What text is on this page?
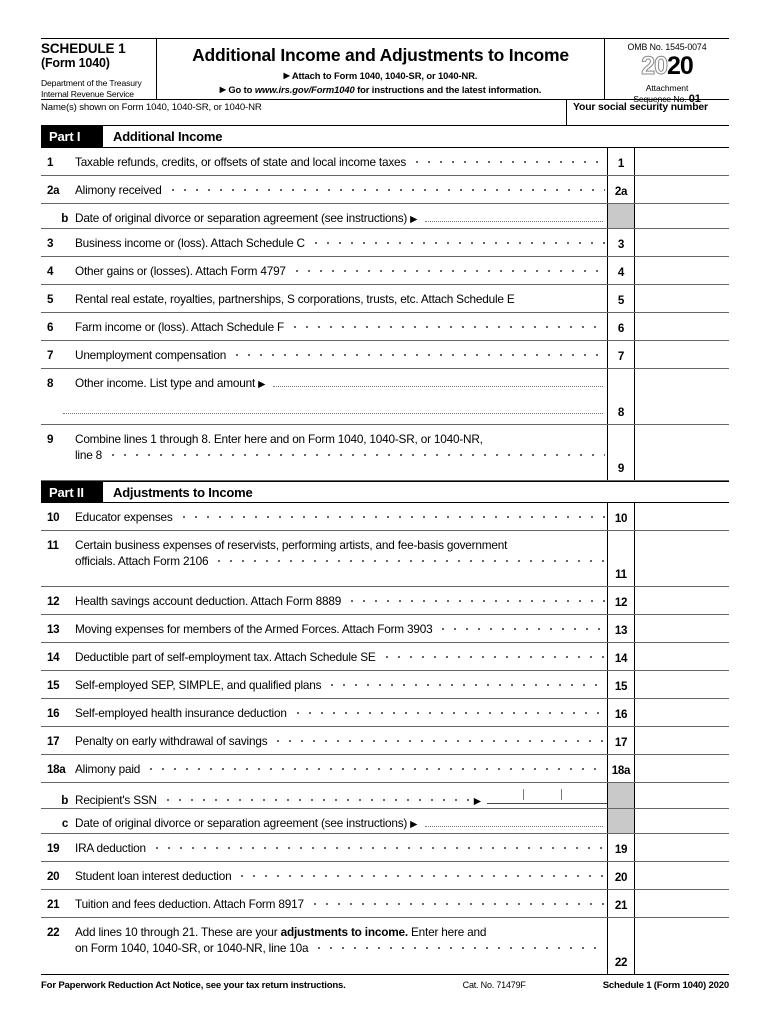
SCHEDULE 1
(Form 1040)
Department of the Treasury
Internal Revenue Service
Additional Income and Adjustments to Income
▶ Attach to Form 1040, 1040-SR, or 1040-NR.
▶ Go to www.irs.gov/Form1040 for instructions and the latest information.
OMB No. 1545-0074
2020
Attachment
Sequence No. 01
Name(s) shown on Form 1040, 1040-SR, or 1040-NR	Your social security number
Part I	Additional Income
1	Taxable refunds, credits, or offsets of state and local income taxes	1
2a	Alimony received	2a
b Date of original divorce or separation agreement (see instructions) ▶
3	Business income or (loss). Attach Schedule C	3
4	Other gains or (losses). Attach Form 4797	4
5	Rental real estate, royalties, partnerships, S corporations, trusts, etc. Attach Schedule E	5
6	Farm income or (loss). Attach Schedule F	6
7	Unemployment compensation	7
8	Other income. List type and amount ▶
8
9	Combine lines 1 through 8. Enter here and on Form 1040, 1040-SR, or 1040-NR,
line 8
9
Part II	Adjustments to Income
10	Educator expenses	10
11	Certain business expenses of reservists, performing artists, and fee-basis government
officials. Attach Form 2106
11
12	Health savings account deduction. Attach Form 8889	12
13	Moving expenses for members of the Armed Forces. Attach Form 3903	13
14	Deductible part of self-employment tax. Attach Schedule SE	14
15	Self-employed SEP, SIMPLE, and qualified plans	15
16	Self-employed health insurance deduction	16
17	Penalty on early withdrawal of savings	17
18a Alimony paid	18a
b Recipient's SSN	▶
c Date of original divorce or separation agreement (see instructions) ▶
19	IRA deduction	19
20	Student loan interest deduction	20
21	Tuition and fees deduction. Attach Form 8917	21
22	Add lines 10 through 21. These are your adjustments to income. Enter here and
on Form 1040, 1040-SR, or 1040-NR, line 10a
22
For Paperwork Reduction Act Notice, see your tax return instructions.	Cat. No. 71479F	Schedule 1 (Form 1040) 2020
